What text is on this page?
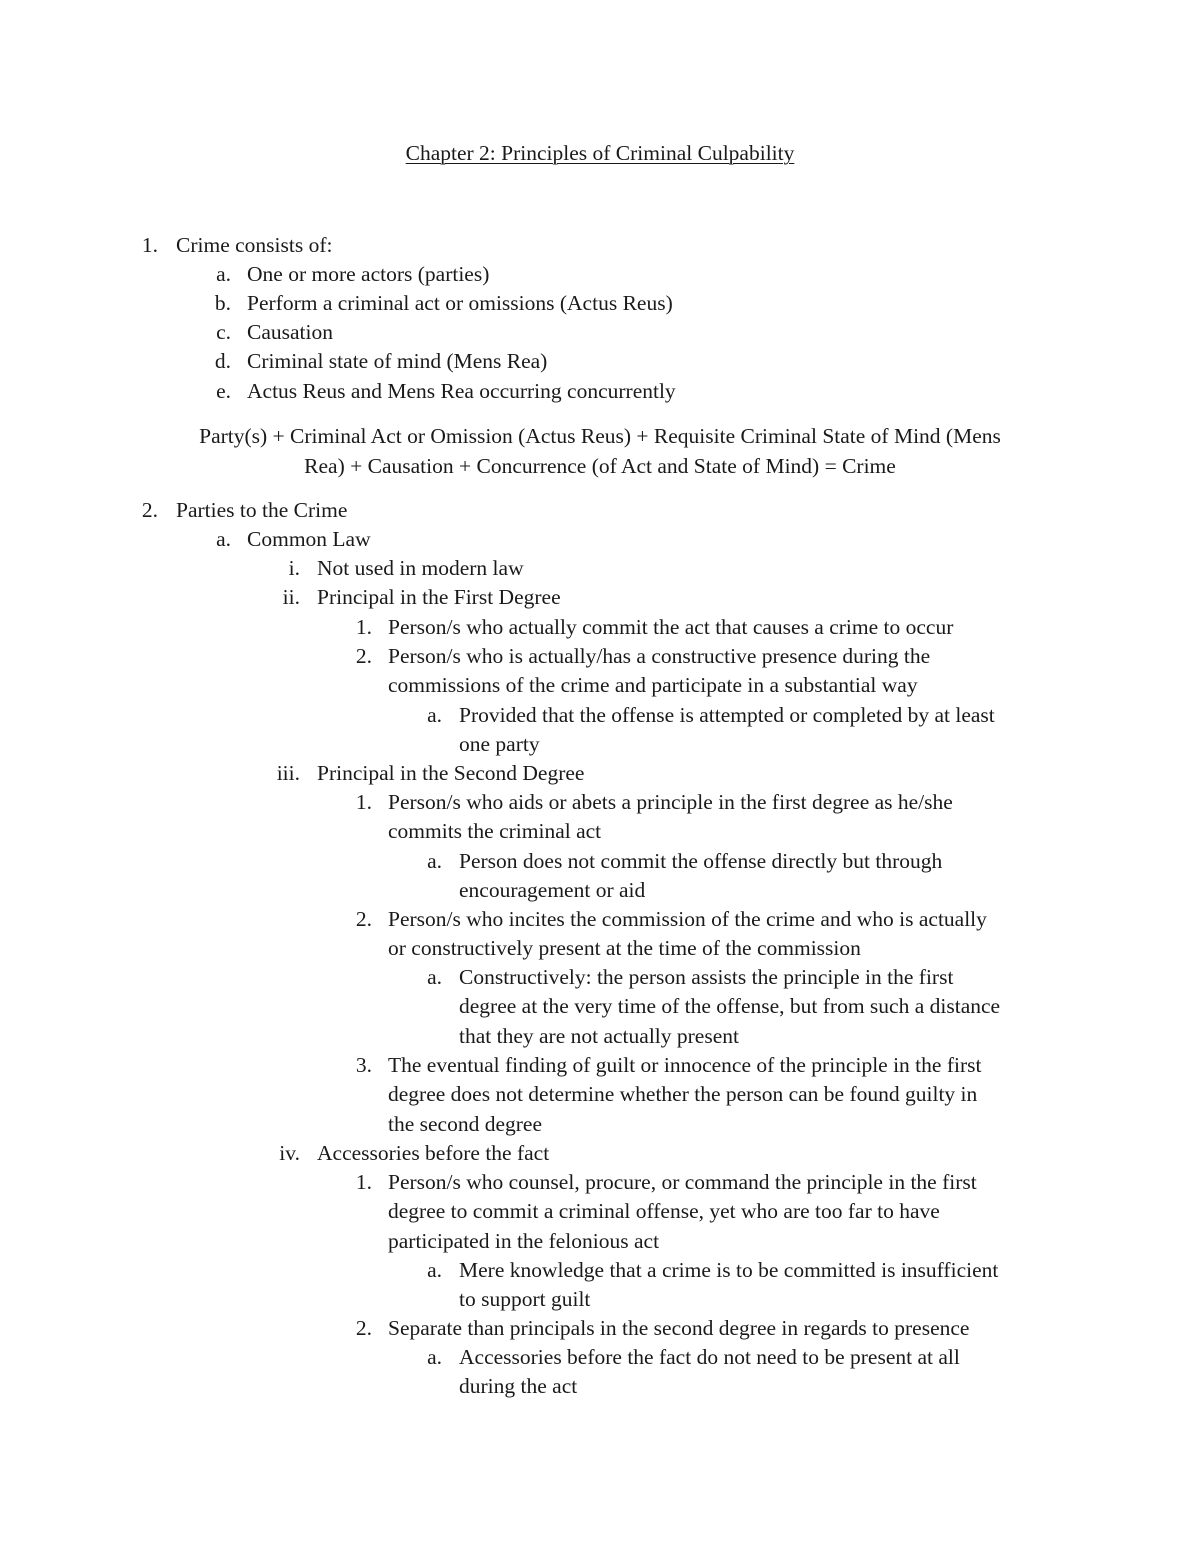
Chapter 2: Principles of Criminal Culpability
Party(s) + Criminal Act or Omission (Actus Reus) + Requisite Criminal State of Mind (Mens
Rea) + Causation + Concurrence (of Act and State of Mind) = Crime
1. Crime consists of:
a. One or more actors (parties)
b. Perform a criminal act or omissions (Actus Reus)
c. Causation
d. Criminal state of mind (Mens Rea)
e. Actus Reus and Mens Rea occurring concurrently
2. Parties to the Crime
a. Common Law
i. Not used in modern law
ii. Principal in the First Degree
1. Person/s who actually commit the act that causes a crime to occur
2. Person/s who is actually/has a constructive presence during the
commissions of the crime and participate in a substantial way
a. Provided that the offense is attempted or completed by at least
one party
iii. Principal in the Second Degree
1. Person/s who aids or abets a principle in the first degree as he/she
commits the criminal act
a. Person does not commit the offense directly but through
encouragement or aid
2. Person/s who incites the commission of the crime and who is actually
or constructively present at the time of the commission
a. Constructively: the person assists the principle in the first
degree at the very time of the offense, but from such a distance
that they are not actually present
3. The eventual finding of guilt or innocence of the principle in the first
degree does not determine whether the person can be found guilty in
the second degree
iv. Accessories before the fact
1. Person/s who counsel, procure, or command the principle in the first
degree to commit a criminal offense, yet who are too far to have
participated in the felonious act
a. Mere knowledge that a crime is to be committed is insufficient
to support guilt
2. Separate than principals in the second degree in regards to presence
a. Accessories before the fact do not need to be present at all
during the act
